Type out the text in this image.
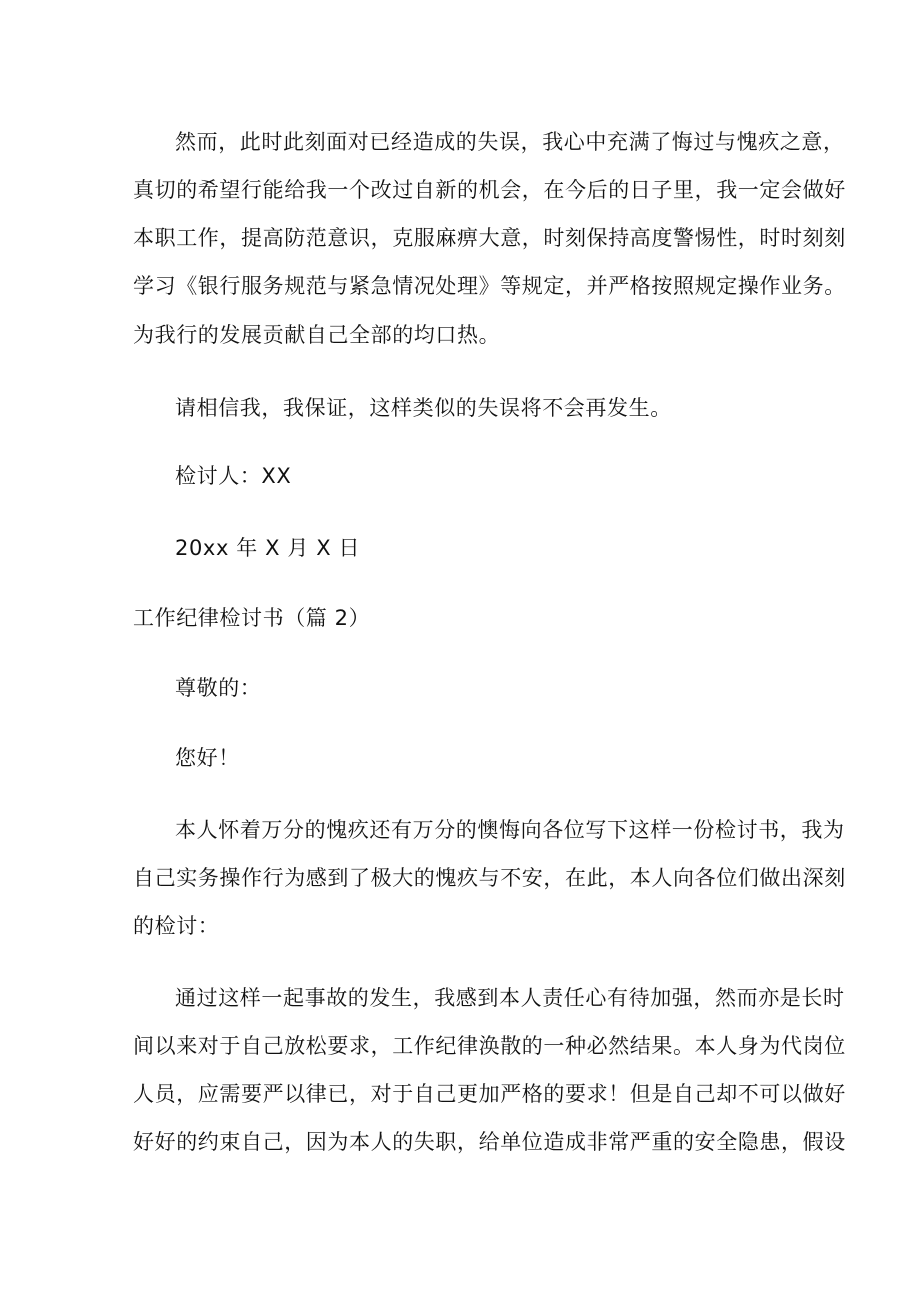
然而，此时此刻面对已经造成的失误，我心中充满了悔过与愧疚之意，
真切的希望行能给我一个改过自新的机会，在今后的日子里，我一定会做好
本职工作，提高防范意识，克服麻痹大意，时刻保持高度警惕性，时时刻刻
学习《银行服务规范与紧急情况处理》等规定，并严格按照规定操作业务。
为我行的发展贡献自己全部的均口热。
请相信我，我保证，这样类似的失误将不会再发生。
检讨人：XX
20xx 年 X 月 X 日
工作纪律检讨书（篇 2）
尊敬的：
您好！
本人怀着万分的愧疚还有万分的懊悔向各位写下这样一份检讨书，我为
自己实务操作行为感到了极大的愧疚与不安，在此，本人向各位们做出深刻
的检讨：
通过这样一起事故的发生，我感到本人责任心有待加强，然而亦是长时
间以来对于自己放松要求，工作纪律涣散的一种必然结果。本人身为代岗位
人员，应需要严以律已，对于自己更加严格的要求！但是自己却不可以做好
好好的约束自己，因为本人的失职，给单位造成非常严重的安全隐患，假设
